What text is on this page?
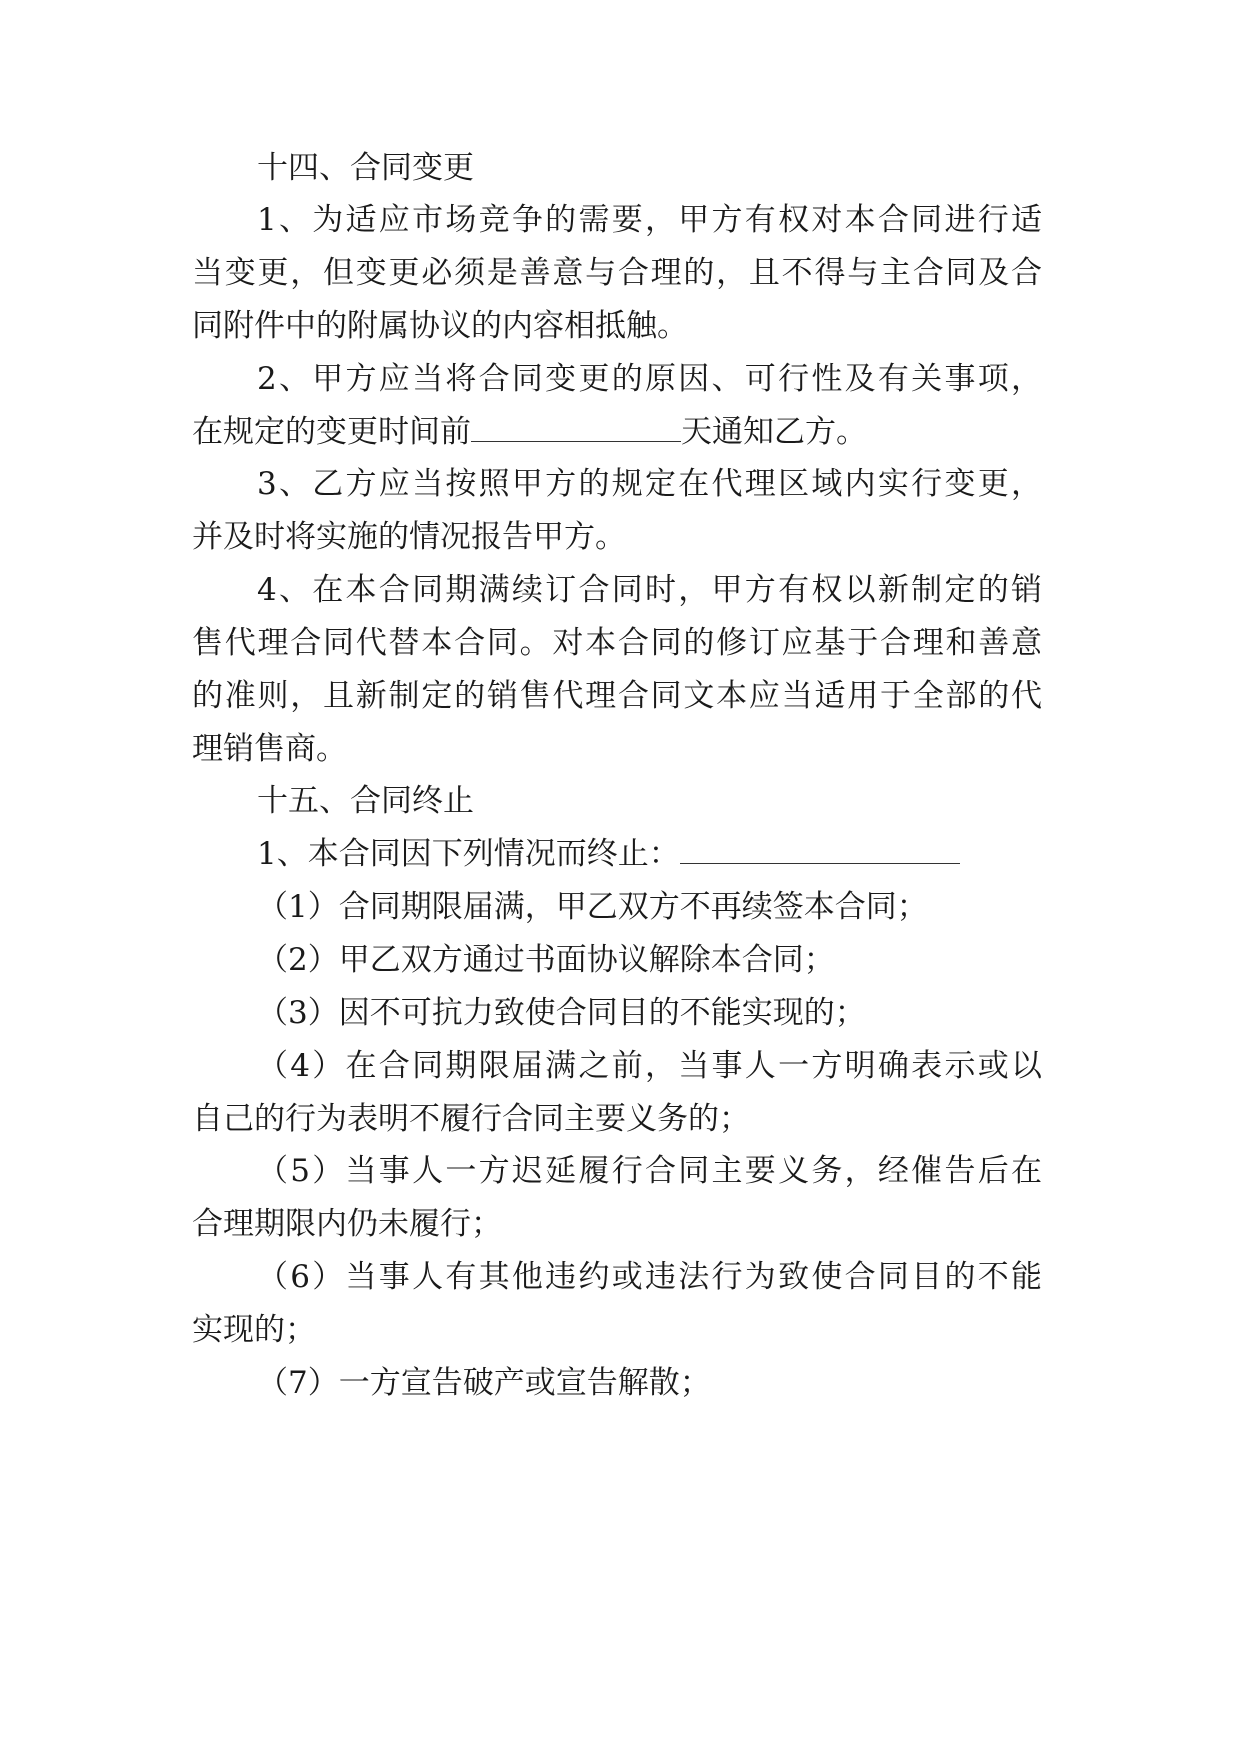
十四、合同变更
1、为适应市场竞争的需要，甲方有权对本合同进行适
当变更，但变更必须是善意与合理的，且不得与主合同及合
同附件中的附属协议的内容相抵触。
2、甲方应当将合同变更的原因、可行性及有关事项，
在规定的变更时间前	天通知乙方。
3、乙方应当按照甲方的规定在代理区域内实行变更，
并及时将实施的情况报告甲方。
4、在本合同期满续订合同时，甲方有权以新制定的销
售代理合同代替本合同。对本合同的修订应基于合理和善意
的准则，且新制定的销售代理合同文本应当适用于全部的代
理销售商。
十五、合同终止
1、本合同因下列情况而终止：
（1）合同期限届满，甲乙双方不再续签本合同；
（2）甲乙双方通过书面协议解除本合同；
（3）因不可抗力致使合同目的不能实现的；
（4）在合同期限届满之前，当事人一方明确表示或以
自己的行为表明不履行合同主要义务的；
（5）当事人一方迟延履行合同主要义务，经催告后在
合理期限内仍未履行；
（6）当事人有其他违约或违法行为致使合同目的不能
实现的；
（7）一方宣告破产或宣告解散；
